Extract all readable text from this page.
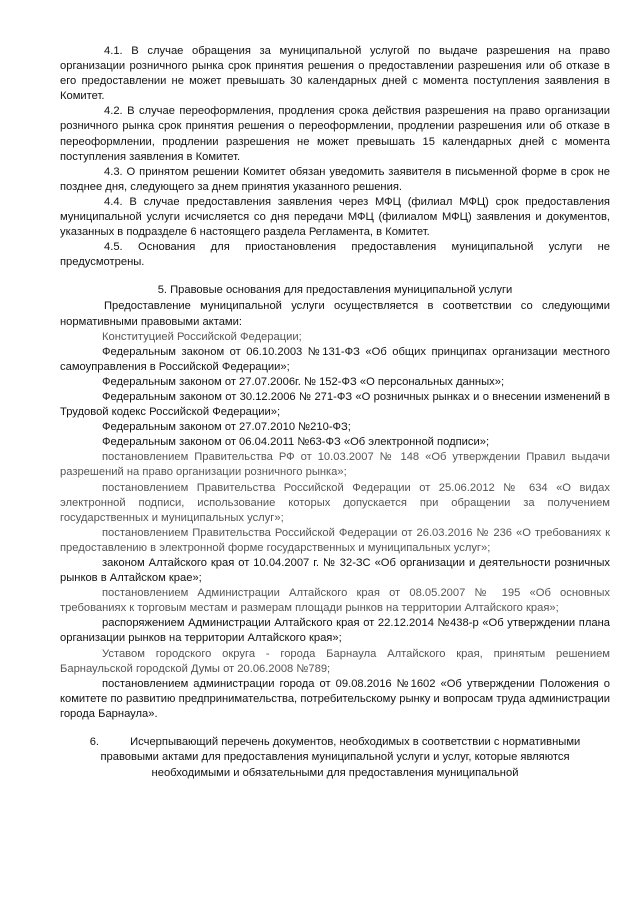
4.1. В случае обращения за муниципальной услугой по выдаче разрешения на право организации розничного рынка срок принятия решения о предоставлении разрешения или об отказе в его предоставлении не может превышать 30 календарных дней с момента поступления заявления в Комитет.

4.2. В случае переоформления, продления срока действия разрешения на право организации розничного рынка срок принятия решения о переоформлении, продлении разрешения или об отказе в переоформлении, продлении разрешения не может превышать 15 календарных дней с момента поступления заявления в Комитет.

4.3. О принятом решении Комитет обязан уведомить заявителя в письменной форме в срок не позднее дня, следующего за днем принятия указанного решения.

4.4. В случае предоставления заявления через МФЦ (филиал МФЦ) срок предоставления муниципальной услуги исчисляется со дня передачи МФЦ (филиалом МФЦ) заявления и документов, указанных в подразделе 6 настоящего раздела Регламента, в Комитет.

4.5. Основания для приостановления предоставления муниципальной услуги не предусмотрены.

5. Правовые основания для предоставления муниципальной услуги

Предоставление муниципальной услуги осуществляется в соответствии со следующими нормативными правовыми актами:

Конституцией Российской Федерации;

Федеральным законом от 06.10.2003 №131-ФЗ «Об общих принципах организации местного самоуправления в Российской Федерации»;

Федеральным законом от 27.07.2006г. № 152-ФЗ «О персональных данных»;

Федеральным законом от 30.12.2006 № 271-ФЗ «О розничных рынках и о внесении изменений в Трудовой кодекс Российской Федерации»;

Федеральным законом от 27.07.2010 №210-ФЗ;

Федеральным законом от 06.04.2011 №63-ФЗ «Об электронной подписи»;

постановлением Правительства РФ от 10.03.2007 № 148 «Об утверждении Правил выдачи разрешений на право организации розничного рынка»;

постановлением Правительства Российской Федерации от 25.06.2012 № 634 «О видах электронной подписи, использование которых допускается при обращении за получением государственных и муниципальных услуг»;

постановлением Правительства Российской Федерации от 26.03.2016 № 236 «О требованиях к предоставлению в электронной форме государственных и муниципальных услуг»;

законом Алтайского края от 10.04.2007 г. № 32-ЗС «Об организации и деятельности розничных рынков в Алтайском крае»;

постановлением Администрации Алтайского края от 08.05.2007 № 195 «Об основных требованиях к торговым местам и размерам площади рынков на территории Алтайского края»;

распоряжением Администрации Алтайского края от 22.12.2014 №438-р «Об утверждении плана организации рынков на территории Алтайского края»;

Уставом городского округа - города Барнаула Алтайского края, принятым решением Барнаульской городской Думы от 20.06.2008 №789;

постановлением администрации города от 09.08.2016 №1602 «Об утверждении Положения о комитете по развитию предпринимательства, потребительскому рынку и вопросам труда администрации города Барнаула».

6.	Исчерпывающий перечень документов, необходимых в соответствии с нормативными правовыми актами для предоставления муниципальной услуги и услуг, которые являются необходимыми и обязательными для предоставления муниципальной
